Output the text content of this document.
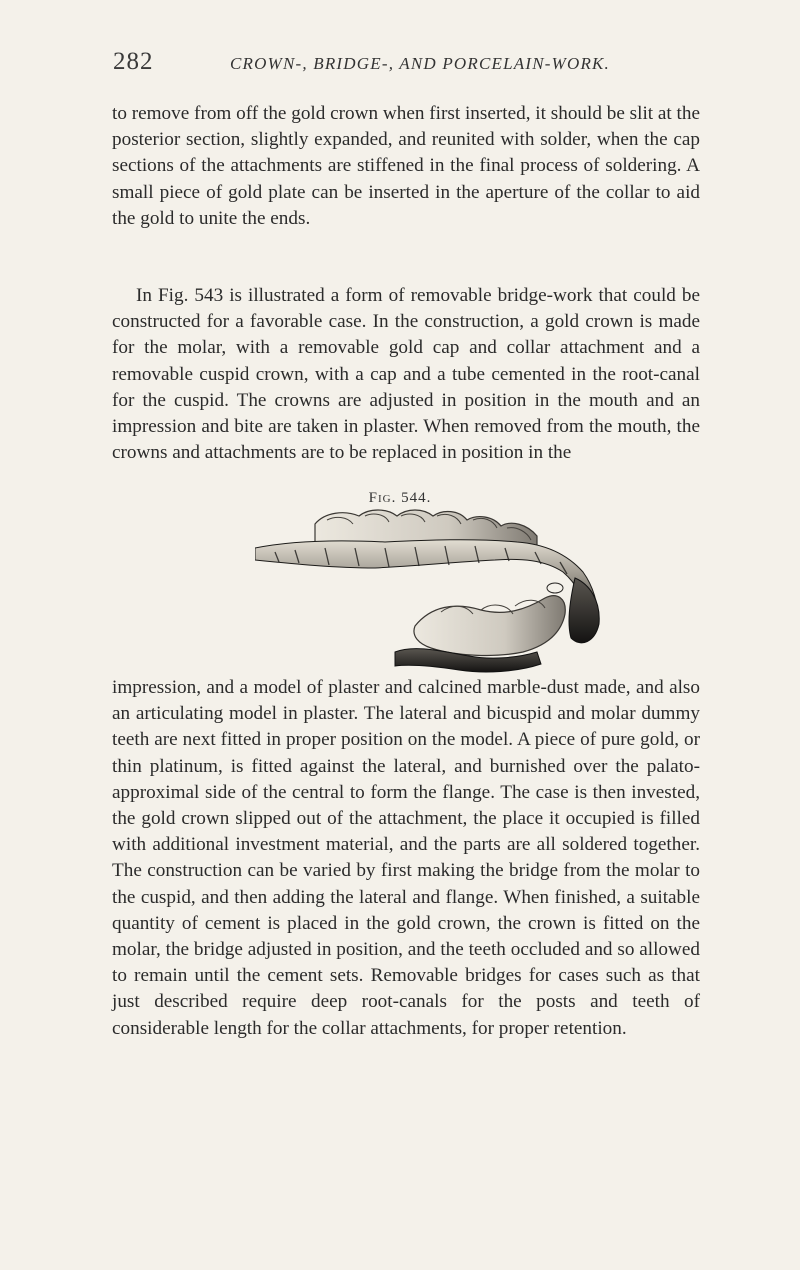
282	CROWN-, BRIDGE-, AND PORCELAIN-WORK.

to remove from off the gold crown when first inserted, it should be slit at the posterior section, slightly expanded, and reunited with solder, when the cap sections of the attachments are stiffened in the final process of soldering. A small piece of gold plate can be inserted in the aperture of the collar to aid the gold to unite the ends.

In Fig. 543 is illustrated a form of removable bridge-work that could be constructed for a favorable case. In the construction, a gold crown is made for the molar, with a removable gold cap and collar attachment and a removable cuspid crown, with a cap and a tube cemented in the root-canal for the cuspid. The crowns are adjusted in position in the mouth and an impression and bite are taken in plaster. When removed from the mouth, the crowns and attachments are to be replaced in position in the

Fig. 544.

impression, and a model of plaster and calcined marble-dust made, and also an articulating model in plaster. The lateral and bicuspid and molar dummy teeth are next fitted in proper position on the model. A piece of pure gold, or thin platinum, is fitted against the lateral, and burnished over the palato-approximal side of the central to form the flange. The case is then invested, the gold crown slipped out of the attachment, the place it occupied is filled with additional investment material, and the parts are all soldered together. The construction can be varied by first making the bridge from the molar to the cuspid, and then adding the lateral and flange. When finished, a suitable quantity of cement is placed in the gold crown, the crown is fitted on the molar, the bridge adjusted in position, and the teeth occluded and so allowed to remain until the cement sets. Removable bridges for cases such as that just described require deep root-canals for the posts and teeth of considerable length for the collar attachments, for proper retention.
